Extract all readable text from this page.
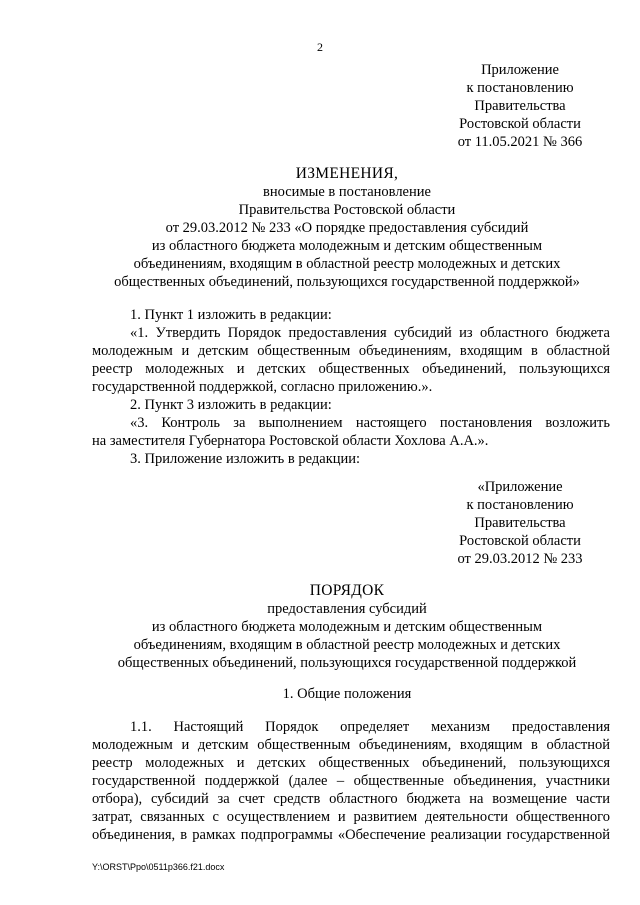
2
Приложение
к постановлению
Правительства
Ростовской области
от 11.05.2021 № 366
ИЗМЕНЕНИЯ,
вносимые в постановление
Правительства Ростовской области
от 29.03.2012 № 233 «О порядке предоставления субсидий
из областного бюджета молодежным и детским общественным
объединениям, входящим в областной реестр молодежных и детских
общественных объединений, пользующихся государственной поддержкой»
1. Пункт 1 изложить в редакции:
«1. Утвердить Порядок предоставления субсидий из областного бюджета
молодежным и детским общественным объединениям, входящим в областной
реестр молодежных и детских общественных объединений, пользующихся
государственной поддержкой, согласно приложению.».
2. Пункт 3 изложить в редакции:
«3. Контроль за выполнением настоящего постановления возложить
на заместителя Губернатора Ростовской области Хохлова А.А.».
3. Приложение изложить в редакции:
«Приложение
к постановлению
Правительства
Ростовской области
от 29.03.2012 № 233
ПОРЯДОК
предоставления субсидий
из областного бюджета молодежным и детским общественным
объединениям, входящим в областной реестр молодежных и детских
общественных объединений, пользующихся государственной поддержкой
1. Общие положения
1.1. Настоящий Порядок определяет механизм предоставления
молодежным и детским общественным объединениям, входящим в областной
реестр молодежных и детских общественных объединений, пользующихся
государственной поддержкой (далее – общественные объединения, участники
отбора), субсидий за счет средств областного бюджета на возмещение части
затрат, связанных с осуществлением и развитием деятельности общественного
объединения, в рамках подпрограммы «Обеспечение реализации государственной
Y:\ORST\Ppo\0511p366.f21.docx
